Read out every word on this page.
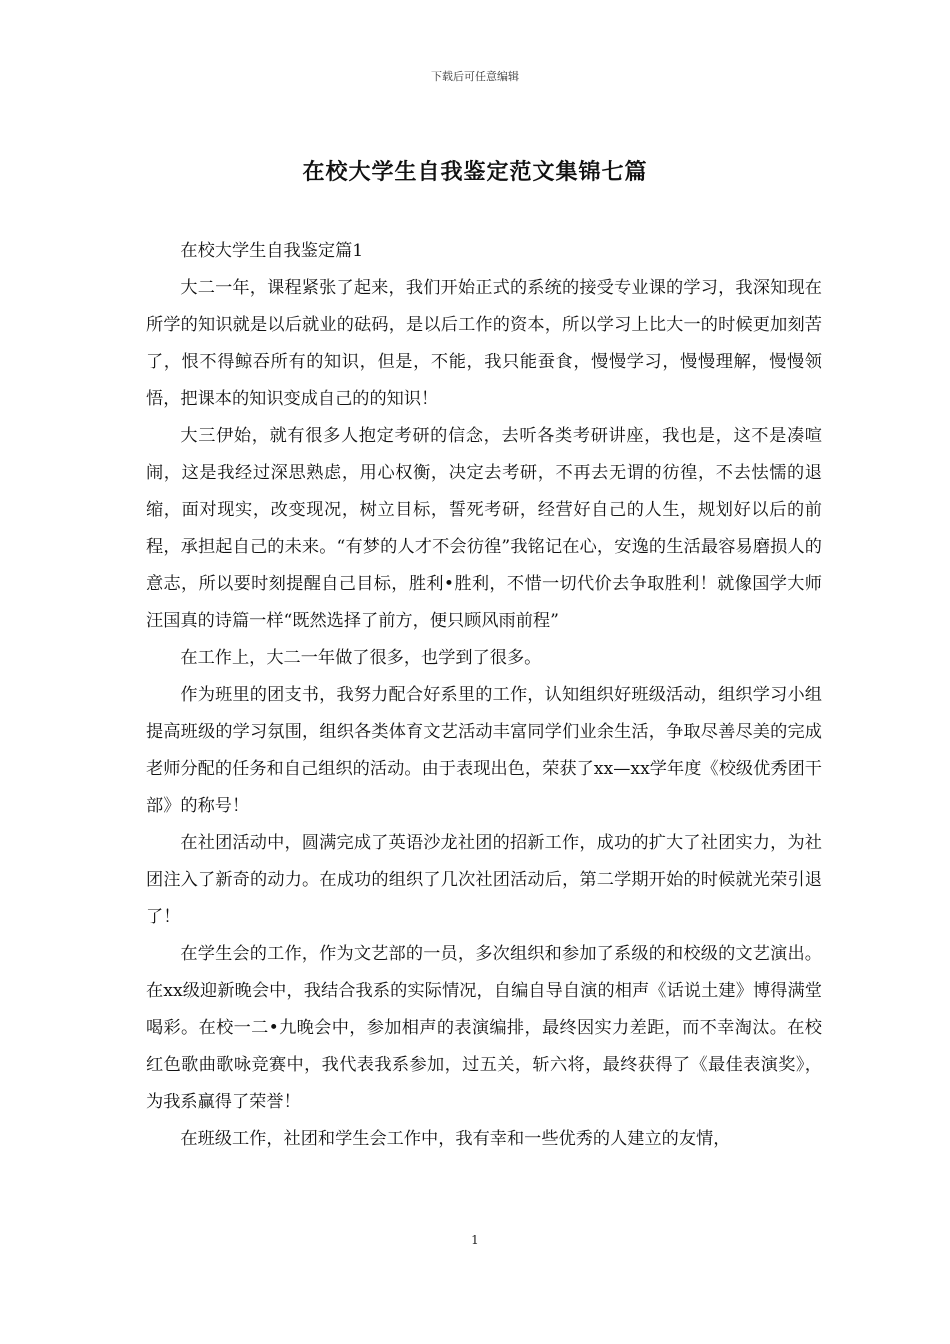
下载后可任意编辑
在校大学生自我鉴定范文集锦七篇

在校大学生自我鉴定篇1

大二一年，课程紧张了起来，我们开始正式的系统的接受专业课的学习，我深知现在所学的知识就是以后就业的砝码，是以后工作的资本，所以学习上比大一的时候更加刻苦了，恨不得鲸吞所有的知识，但是，不能，我只能蚕食，慢慢学习，慢慢理解，慢慢领悟，把课本的知识变成自己的的知识！

大三伊始，就有很多人抱定考研的信念，去听各类考研讲座，我也是，这不是凑喧闹，这是我经过深思熟虑，用心权衡，决定去考研，不再去无谓的彷徨，不去怯懦的退缩，面对现实，改变现况，树立目标，誓死考研，经营好自己的人生，规划好以后的前程，承担起自己的未来。“有梦的人才不会彷徨”我铭记在心，安逸的生活最容易磨损人的意志，所以要时刻提醒自己目标，胜利•胜利，不惜一切代价去争取胜利！就像国学大师汪国真的诗篇一样“既然选择了前方，便只顾风雨前程”

在工作上，大二一年做了很多，也学到了很多。

作为班里的团支书，我努力配合好系里的工作，认知组织好班级活动，组织学习小组提高班级的学习氛围，组织各类体育文艺活动丰富同学们业余生活，争取尽善尽美的完成老师分配的任务和自己组织的活动。由于表现出色，荣获了xx—xx学年度《校级优秀团干部》的称号！

在社团活动中，圆满完成了英语沙龙社团的招新工作，成功的扩大了社团实力，为社团注入了新奇的动力。在成功的组织了几次社团活动后，第二学期开始的时候就光荣引退了！

在学生会的工作，作为文艺部的一员，多次组织和参加了系级的和校级的文艺演出。在xx级迎新晚会中，我结合我系的实际情况，自编自导自演的相声《话说土建》博得满堂喝彩。在校一二•九晚会中，参加相声的表演编排，最终因实力差距，而不幸淘汰。在校红色歌曲歌咏竞赛中，我代表我系参加，过五关，斩六将，最终获得了《最佳表演奖》，为我系赢得了荣誉！

在班级工作，社团和学生会工作中，我有幸和一些优秀的人建立的友情，

1
